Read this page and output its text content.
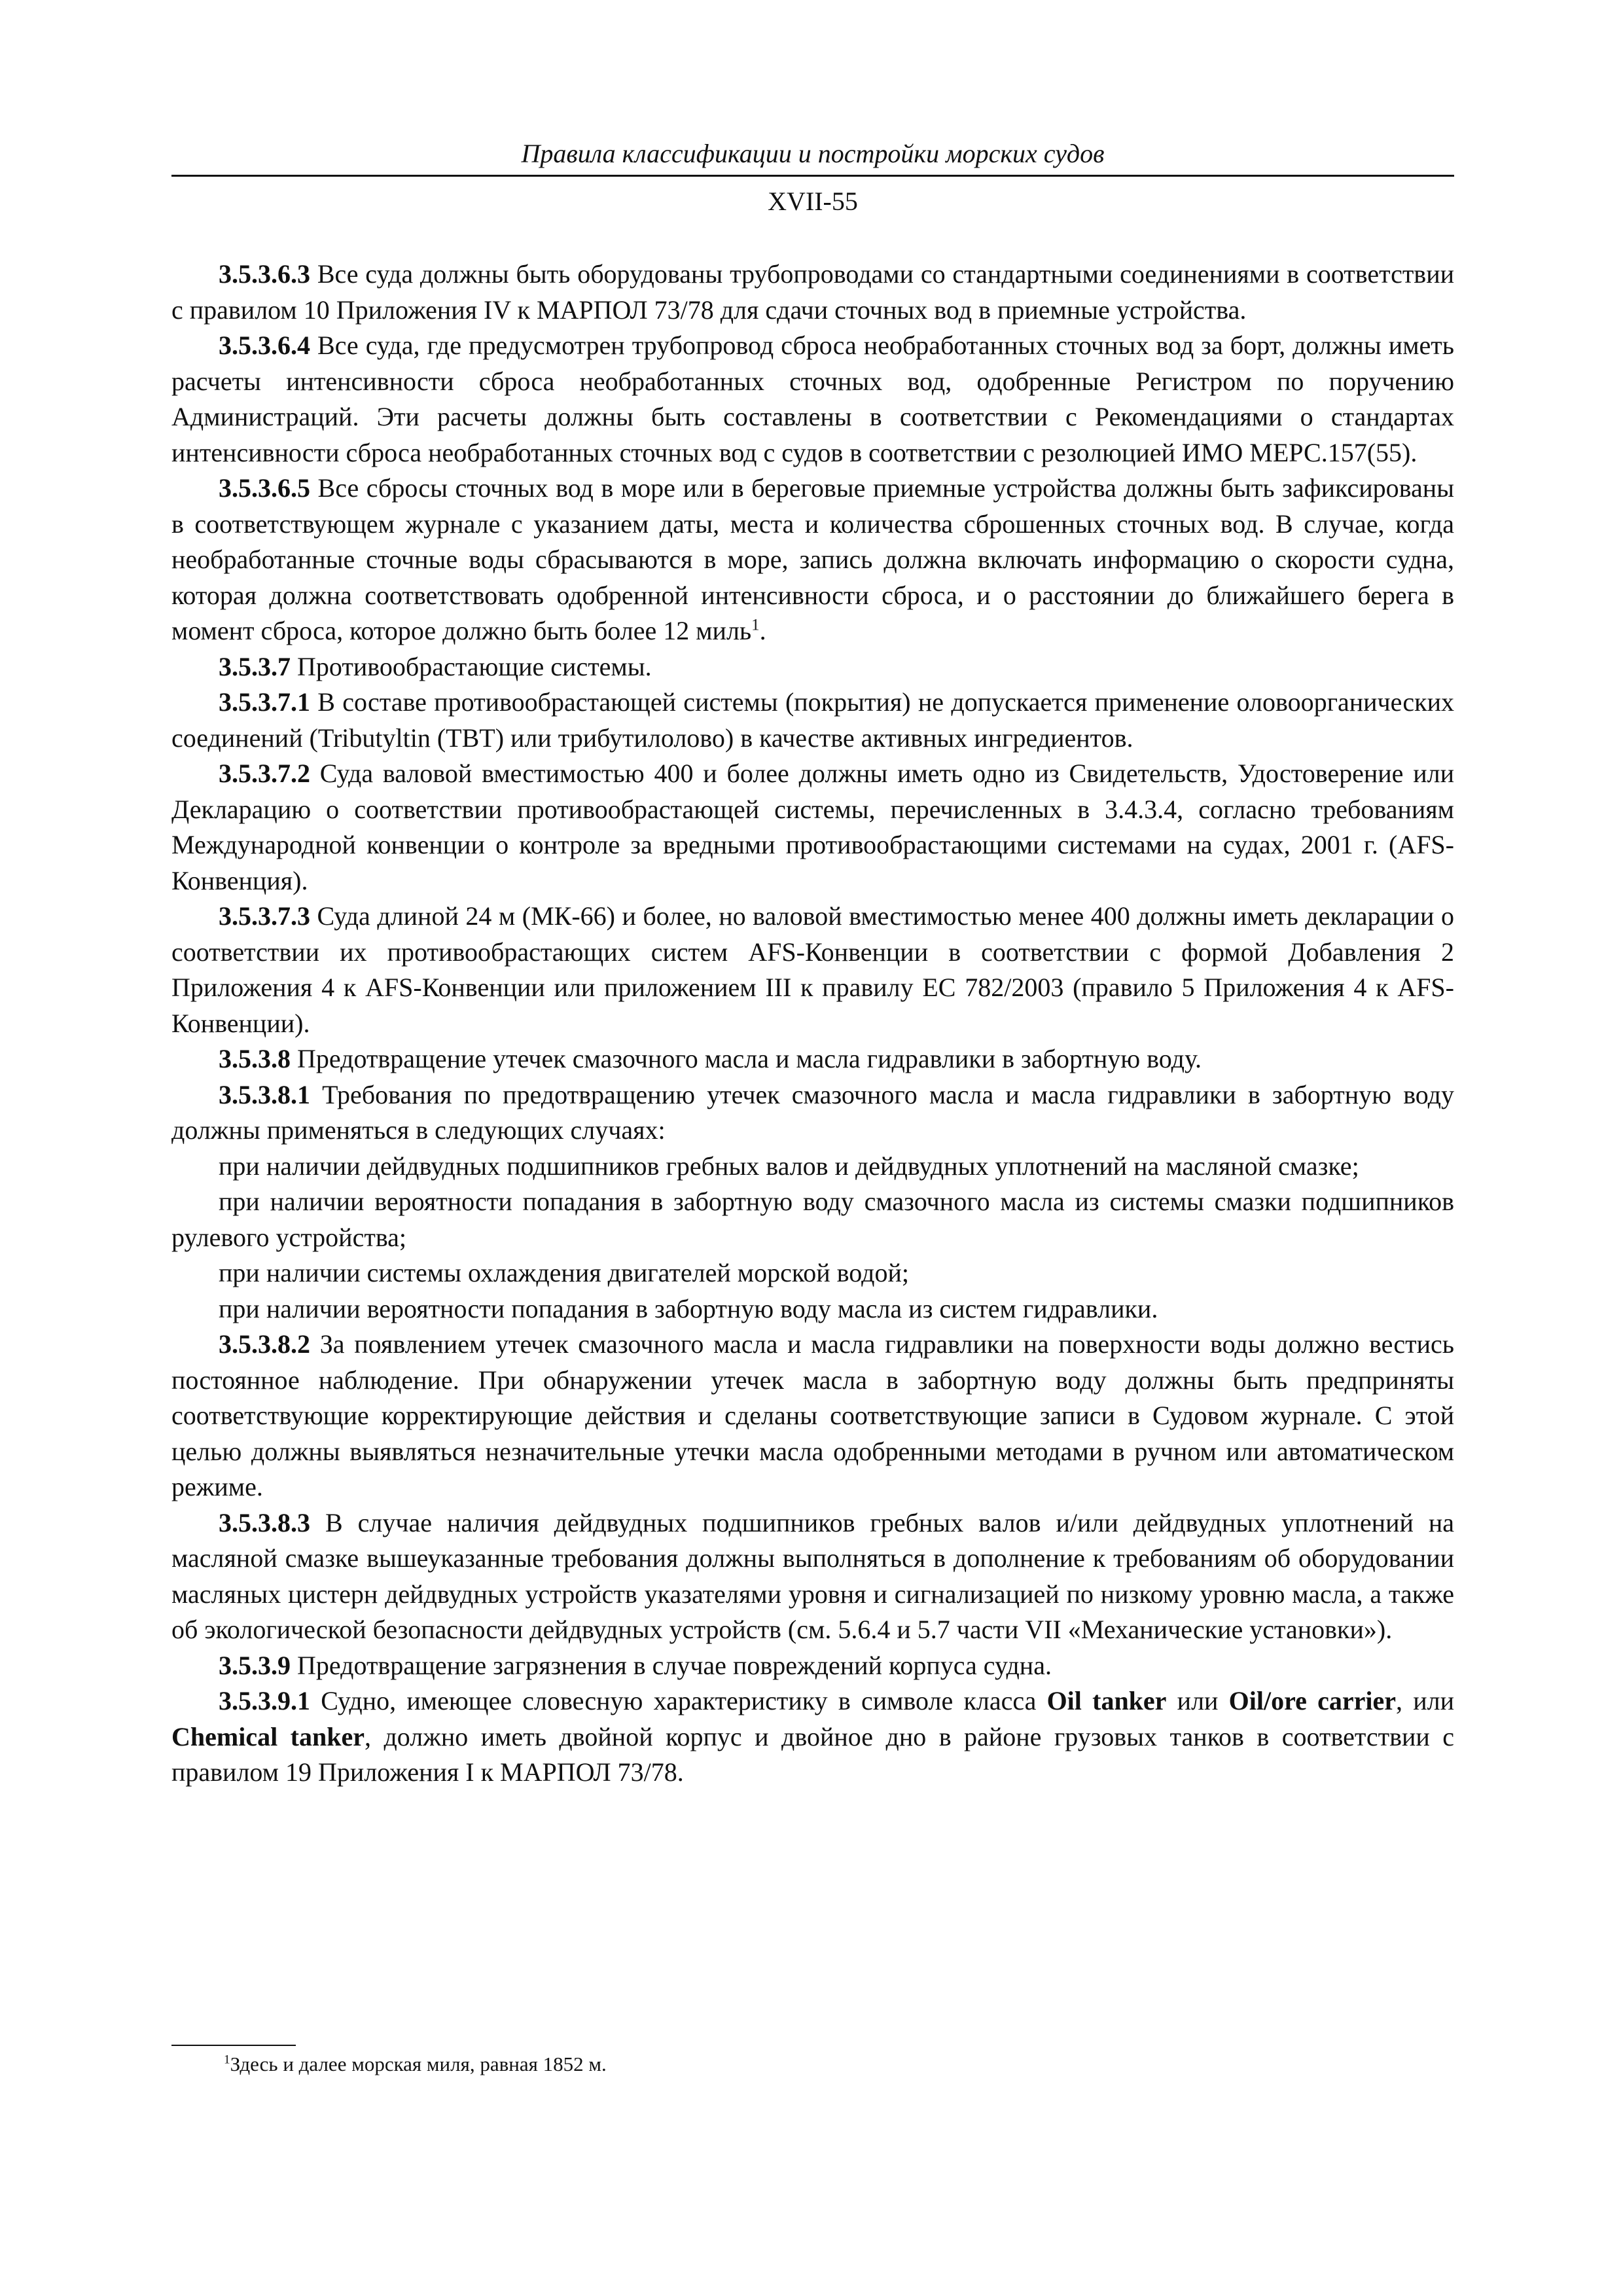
Правила классификации и постройки морских судов
XVII-55

3.5.3.6.3 Все суда должны быть оборудованы трубопроводами со стандартными соединениями в соответствии с правилом 10 Приложения IV к МАРПОЛ 73/78 для сдачи сточных вод в приемные устройства.

3.5.3.6.4 Все суда, где предусмотрен трубопровод сброса необработанных сточных вод за борт, должны иметь расчеты интенсивности сброса необработанных сточных вод, одобренные Регистром по поручению Администраций. Эти расчеты должны быть составлены в соответствии с Рекомендациями о стандартах интенсивности сброса необработанных сточных вод с судов в соответствии с резолюцией ИМО МЕРС.157(55).

3.5.3.6.5 Все сбросы сточных вод в море или в береговые приемные устройства должны быть зафиксированы в соответствующем журнале с указанием даты, места и количества сброшенных сточных вод. В случае, когда необработанные сточные воды сбрасываются в море, запись должна включать информацию о скорости судна, которая должна соответствовать одобренной интенсивности сброса, и о расстоянии до ближайшего берега в момент сброса, которое должно быть более 12 миль$^1$.

3.5.3.7 Противообрастающие системы.

3.5.3.7.1 В составе противообрастающей системы (покрытия) не допускается применение оловоорганических соединений (Tributyltin (TBT) или трибутилолово) в качестве активных ингредиентов.

3.5.3.7.2 Суда валовой вместимостью 400 и более должны иметь одно из Свидетельств, Удостоверение или Декларацию о соответствии противообрастающей системы, перечисленных в 3.4.3.4, согласно требованиям Международной конвенции о контроле за вредными противообрастающими системами на судах, 2001 г. (AFS-Конвенция).

3.5.3.7.3 Суда длиной 24 м (МК-66) и более, но валовой вместимостью менее 400 должны иметь декларации о соответствии их противообрастающих систем AFS-Конвенции в соответствии с формой Добавления 2 Приложения 4 к AFS-Конвенции или приложением III к правилу ЕС 782/2003 (правило 5 Приложения 4 к AFS-Конвенции).

3.5.3.8 Предотвращение утечек смазочного масла и масла гидравлики в забортную воду.

3.5.3.8.1 Требования по предотвращению утечек смазочного масла и масла гидравлики в забортную воду должны применяться в следующих случаях:

при наличии дейдвудных подшипников гребных валов и дейдвудных уплотнений на масляной смазке;

при наличии вероятности попадания в забортную воду смазочного масла из системы смазки подшипников рулевого устройства;

при наличии системы охлаждения двигателей морской водой;

при наличии вероятности попадания в забортную воду масла из систем гидравлики.

3.5.3.8.2 За появлением утечек смазочного масла и масла гидравлики на поверхности воды должно вестись постоянное наблюдение. При обнаружении утечек масла в забортную воду должны быть предприняты соответствующие корректирующие действия и сделаны соответствующие записи в Судовом журнале. С этой целью должны выявляться незначительные утечки масла одобренными методами в ручном или автоматическом режиме.

3.5.3.8.3 В случае наличия дейдвудных подшипников гребных валов и/или дейдвудных уплотнений на масляной смазке вышеуказанные требования должны выполняться в дополнение к требованиям об оборудовании масляных цистерн дейдвудных устройств указателями уровня и сигнализацией по низкому уровню масла, а также об экологической безопасности дейдвудных устройств (см. 5.6.4 и 5.7 части VII «Механические установки»).

3.5.3.9 Предотвращение загрязнения в случае повреждений корпуса судна.

3.5.3.9.1 Судно, имеющее словесную характеристику в символе класса Oil tanker или Oil/ore carrier, или Chemical tanker, должно иметь двойной корпус и двойное дно в районе грузовых танков в соответствии с правилом 19 Приложения I к МАРПОЛ 73/78.

$^1$Здесь и далее морская миля, равная 1852 м.
